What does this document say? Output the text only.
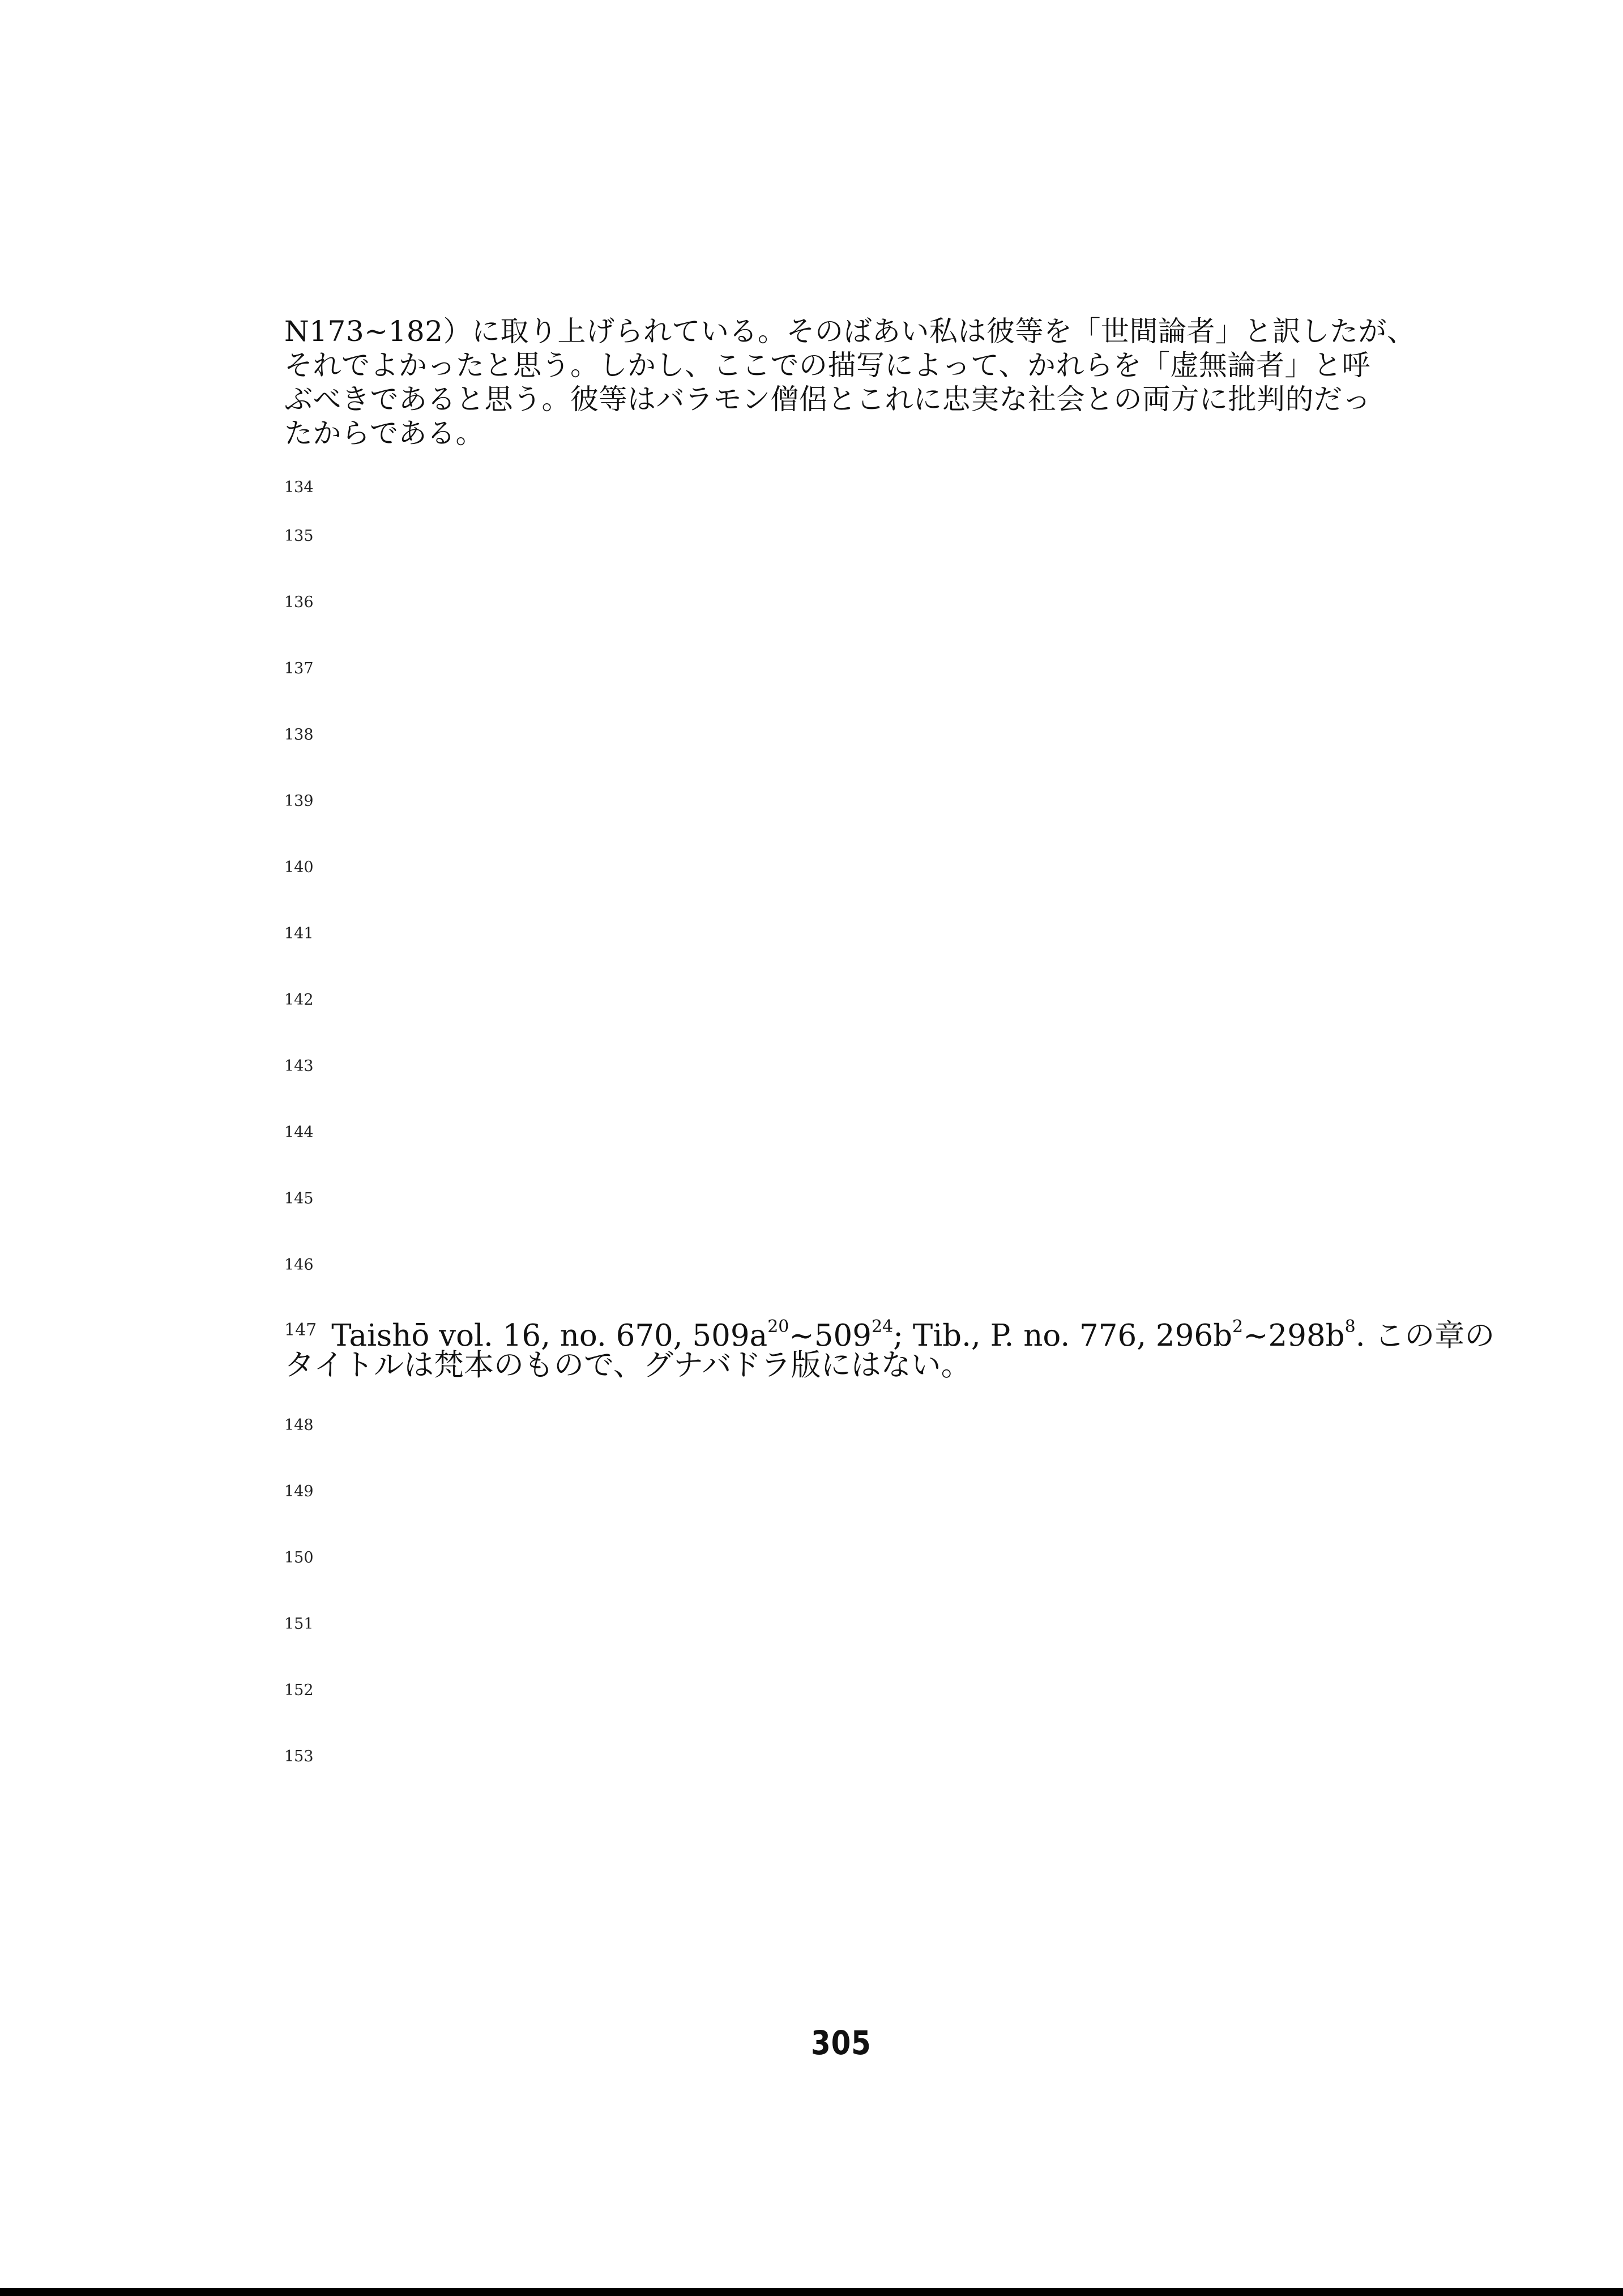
N173~182）に取り上げられている。そのばあい私は彼等を「世間論者」と訳したが、
それでよかったと思う。しかし、ここでの描写によって、かれらを「虚無論者」と呼
ぶべきであると思う。彼等はバラモン僧侶とこれに忠実な社会との両方に批判的だっ
たからである。
134
135
136
137
138
139
140
141
142
143
144
145
146
$^{147}$ Taishō vol. 16, no. 670, $509a^{20}\sim 509^{24}$; Tib., P. no. 776, $296b^2\sim 298b^8$. この章の
タイトルは梵本のもので、グナバドラ版にはない。
148
149
150
151
152
153
305
